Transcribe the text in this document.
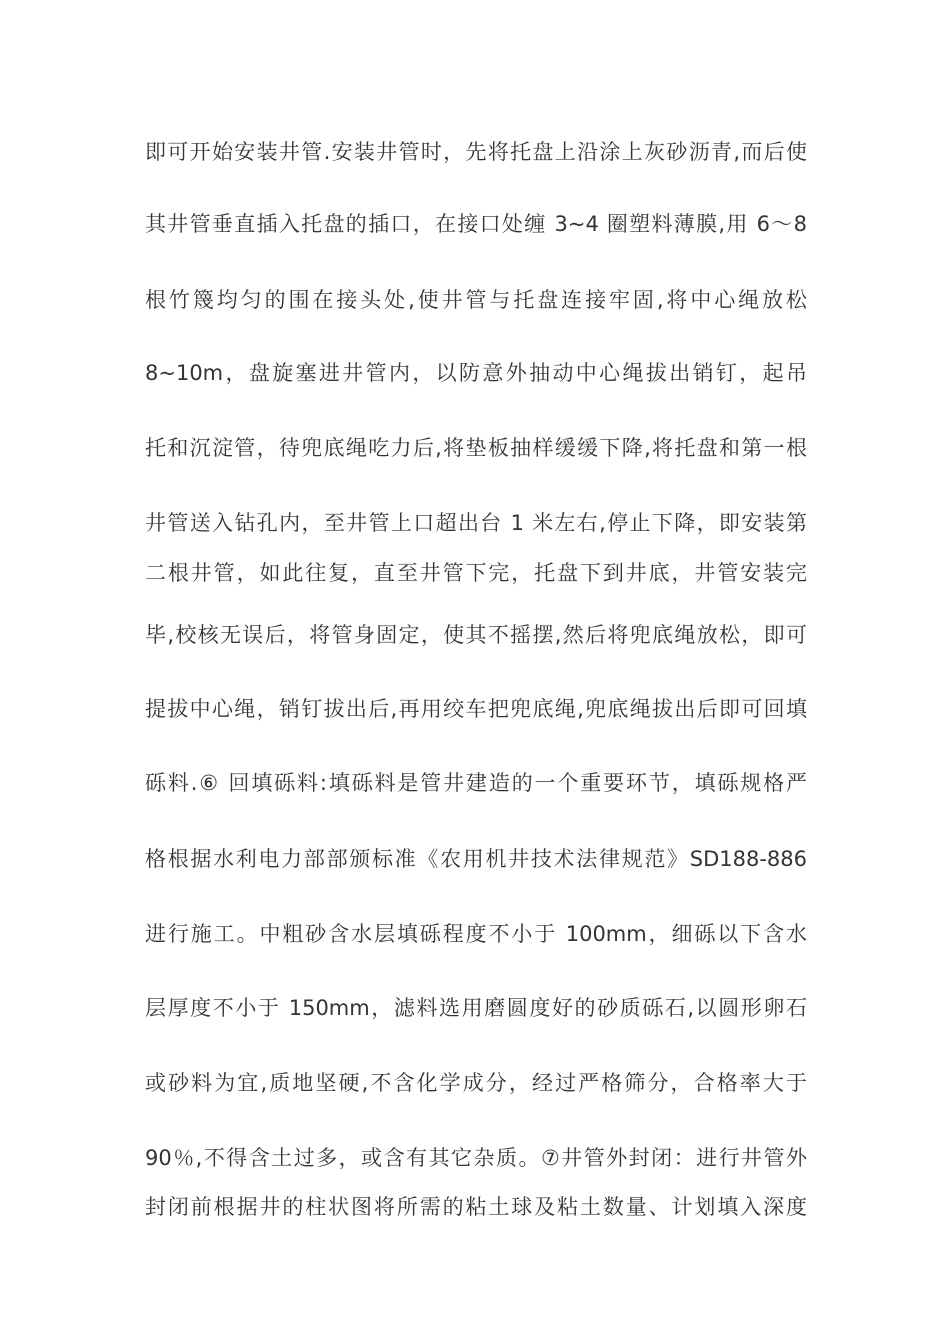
即可开始安装井管.安装井管时，先将托盘上沿涂上灰砂沥青,而后使
其井管垂直插入托盘的插口，在接口处缠 3~4 圈塑料薄膜,用 6～8
根竹篾均匀的围在接头处,使井管与托盘连接牢固,将中心绳放松
8~10m，盘旋塞进井管内，以防意外抽动中心绳拔出销钉，起吊
托和沉淀管，待兜底绳吃力后,将垫板抽样缓缓下降,将托盘和第一根
井管送入钻孔内，至井管上口超出台 1 米左右,停止下降，即安装第
二根井管，如此往复，直至井管下完，托盘下到井底，井管安装完
毕,校核无误后，将管身固定，使其不摇摆,然后将兜底绳放松，即可
提拔中心绳，销钉拔出后,再用绞车把兜底绳,兜底绳拔出后即可回填
砾料.⑥ 回填砾料:填砾料是管井建造的一个重要环节，填砾规格严
格根据水利电力部部颁标准《农用机井技术法律规范》SD188-886
进行施工。中粗砂含水层填砾程度不小于 100mm，细砾以下含水
层厚度不小于 150mm，滤料选用磨圆度好的砂质砾石,以圆形卵石
或砂料为宜,质地坚硬,不含化学成分，经过严格筛分，合格率大于
90％,不得含土过多，或含有其它杂质。⑦井管外封闭：进行井管外
封闭前根据井的柱状图将所需的粘土球及粘土数量、计划填入深度
